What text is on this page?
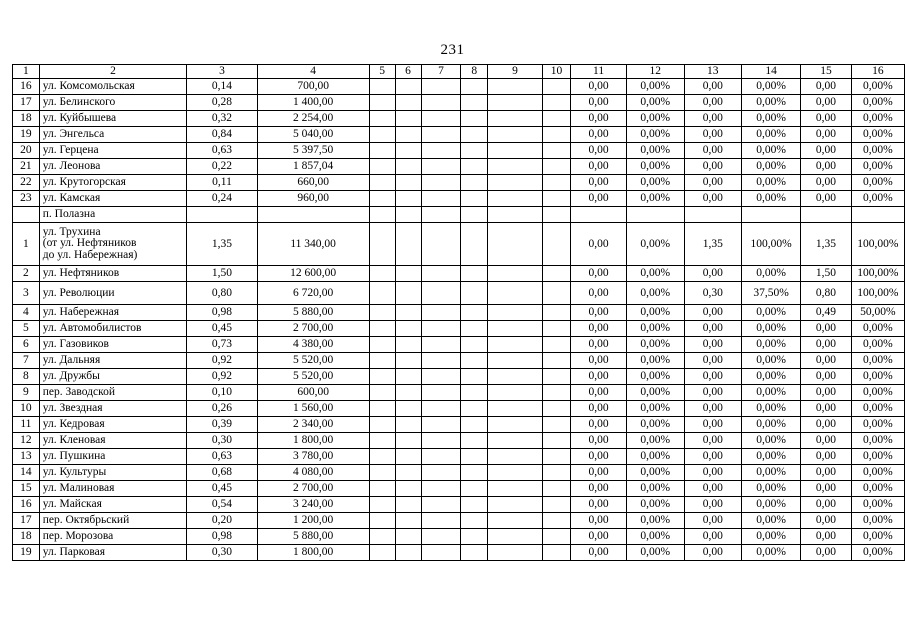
231
1	2	3	4	5	6	7	8	9	10	11	12	13	14	15	16
16	ул. Комсомольская	0,14	700,00							0,00	0,00%	0,00	0,00%	0,00	0,00%
17	ул. Белинского	0,28	1 400,00							0,00	0,00%	0,00	0,00%	0,00	0,00%
18	ул. Куйбышева	0,32	2 254,00							0,00	0,00%	0,00	0,00%	0,00	0,00%
19	ул. Энгельса	0,84	5 040,00							0,00	0,00%	0,00	0,00%	0,00	0,00%
20	ул. Герцена	0,63	5 397,50							0,00	0,00%	0,00	0,00%	0,00	0,00%
21	ул. Леонова	0,22	1 857,04							0,00	0,00%	0,00	0,00%	0,00	0,00%
22	ул. Крутогорская	0,11	660,00							0,00	0,00%	0,00	0,00%	0,00	0,00%
23	ул. Камская	0,24	960,00							0,00	0,00%	0,00	0,00%	0,00	0,00%
	п. Полазна														
1	ул. Трухина
(от ул. Нефтяников
до ул. Набережная)	1,35	11 340,00							0,00	0,00%	1,35	100,00%	1,35	100,00%
2	ул. Нефтяников	1,50	12 600,00							0,00	0,00%	0,00	0,00%	1,50	100,00%
3	ул. Революции	0,80	6 720,00							0,00	0,00%	0,30	37,50%	0,80	100,00%
4	ул. Набережная	0,98	5 880,00							0,00	0,00%	0,00	0,00%	0,49	50,00%
5	ул. Автомобилистов	0,45	2 700,00							0,00	0,00%	0,00	0,00%	0,00	0,00%
6	ул. Газовиков	0,73	4 380,00							0,00	0,00%	0,00	0,00%	0,00	0,00%
7	ул. Дальняя	0,92	5 520,00							0,00	0,00%	0,00	0,00%	0,00	0,00%
8	ул. Дружбы	0,92	5 520,00							0,00	0,00%	0,00	0,00%	0,00	0,00%
9	пер. Заводской	0,10	600,00							0,00	0,00%	0,00	0,00%	0,00	0,00%
10	ул. Звездная	0,26	1 560,00							0,00	0,00%	0,00	0,00%	0,00	0,00%
11	ул. Кедровая	0,39	2 340,00							0,00	0,00%	0,00	0,00%	0,00	0,00%
12	ул. Кленовая	0,30	1 800,00							0,00	0,00%	0,00	0,00%	0,00	0,00%
13	ул. Пушкина	0,63	3 780,00							0,00	0,00%	0,00	0,00%	0,00	0,00%
14	ул. Культуры	0,68	4 080,00							0,00	0,00%	0,00	0,00%	0,00	0,00%
15	ул. Малиновая	0,45	2 700,00							0,00	0,00%	0,00	0,00%	0,00	0,00%
16	ул. Майская	0,54	3 240,00							0,00	0,00%	0,00	0,00%	0,00	0,00%
17	пер. Октябрьский	0,20	1 200,00							0,00	0,00%	0,00	0,00%	0,00	0,00%
18	пер. Морозова	0,98	5 880,00							0,00	0,00%	0,00	0,00%	0,00	0,00%
19	ул. Парковая	0,30	1 800,00							0,00	0,00%	0,00	0,00%	0,00	0,00%
